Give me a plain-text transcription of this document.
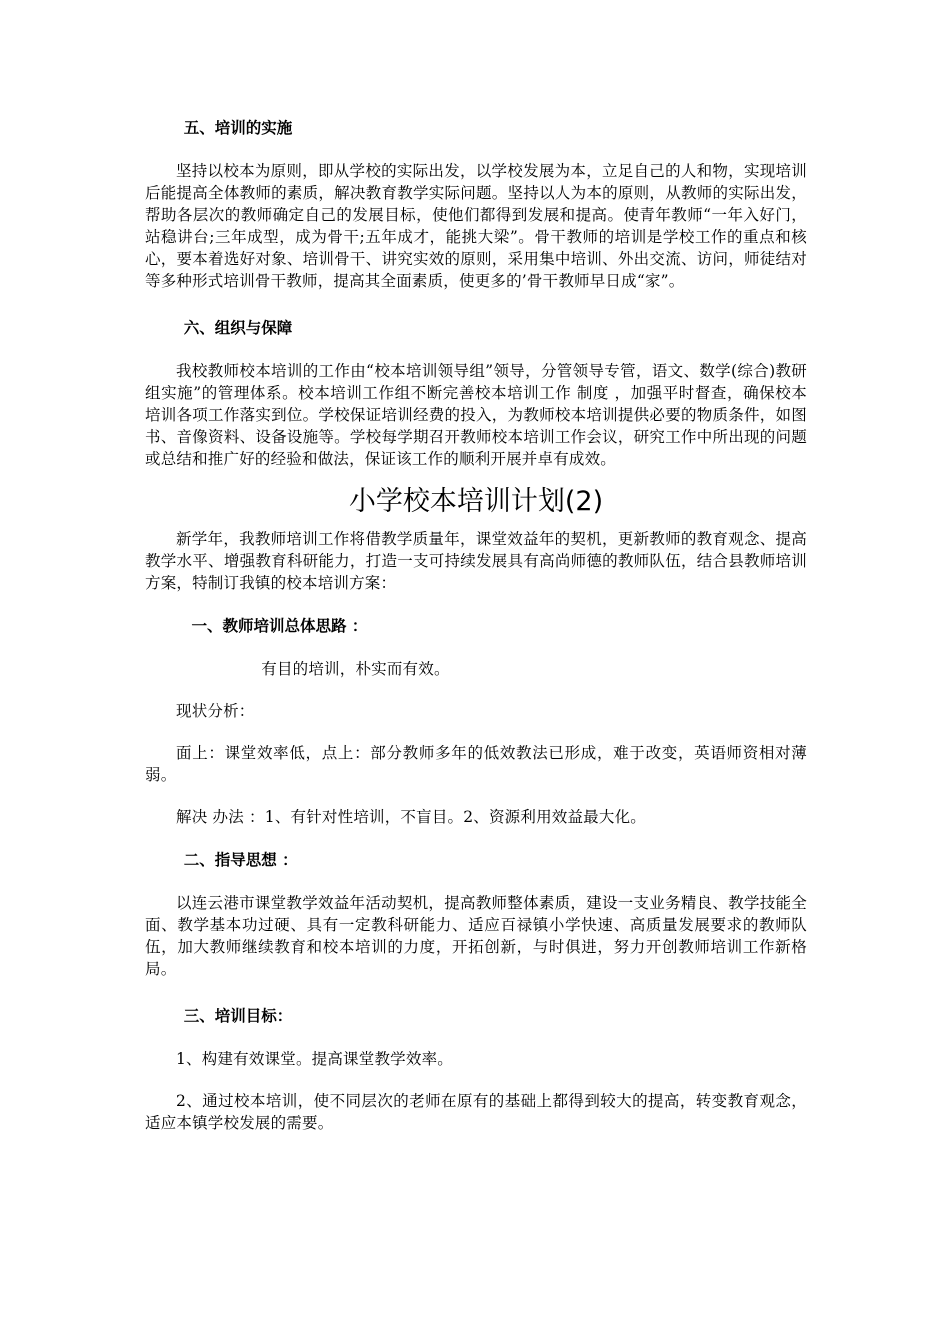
五、培训的实施

坚持以校本为原则，即从学校的实际出发，以学校发展为本，立足自己的人和物，实现培训后能提高全体教师的素质，解决教育教学实际问题。坚持以人为本的原则，从教师的实际出发，帮助各层次的教师确定自己的发展目标，使他们都得到发展和提高。使青年教师“一年入好门，站稳讲台;三年成型，成为骨干;五年成才，能挑大梁”。骨干教师的培训是学校工作的重点和核心，要本着选好对象、培训骨干、讲究实效的原则，采用集中培训、外出交流、访问，师徒结对等多种形式培训骨干教师，提高其全面素质，使更多的’骨干教师早日成“家”。

六、组织与保障

我校教师校本培训的工作由“校本培训领导组”领导，分管领导专管，语文、数学(综合)教研组实施”的管理体系。校本培训工作组不断完善校本培训工作 制度 ，加强平时督查，确保校本培训各项工作落实到位。学校保证培训经费的投入，为教师校本培训提供必要的物质条件，如图书、音像资料、设备设施等。学校每学期召开教师校本培训工作会议，研究工作中所出现的问题或总结和推广好的经验和做法，保证该工作的顺利开展并卓有成效。

小学校本培训计划(2)

新学年，我教师培训工作将借教学质量年，课堂效益年的契机，更新教师的教育观念、提高教学水平、增强教育科研能力，打造一支可持续发展具有高尚师德的教师队伍，结合县教师培训方案，特制订我镇的校本培训方案：

一、教师培训总体思路 ：

有目的培训，朴实而有效。

现状分析：

面上：课堂效率低，点上：部分教师多年的低效教法已形成，难于改变，英语师资相对薄弱。

解决 办法 ：1、有针对性培训，不盲目。2、资源利用效益最大化。

二、指导思想 ：

以连云港市课堂教学效益年活动契机，提高教师整体素质，建设一支业务精良、教学技能全面、教学基本功过硬、具有一定教科研能力、适应百禄镇小学快速、高质量发展要求的教师队伍，加大教师继续教育和校本培训的力度，开拓创新，与时俱进，努力开创教师培训工作新格局。

三、培训目标：

1、构建有效课堂。提高课堂教学效率。

2、通过校本培训，使不同层次的老师在原有的基础上都得到较大的提高，转变教育观念，适应本镇学校发展的需要。
